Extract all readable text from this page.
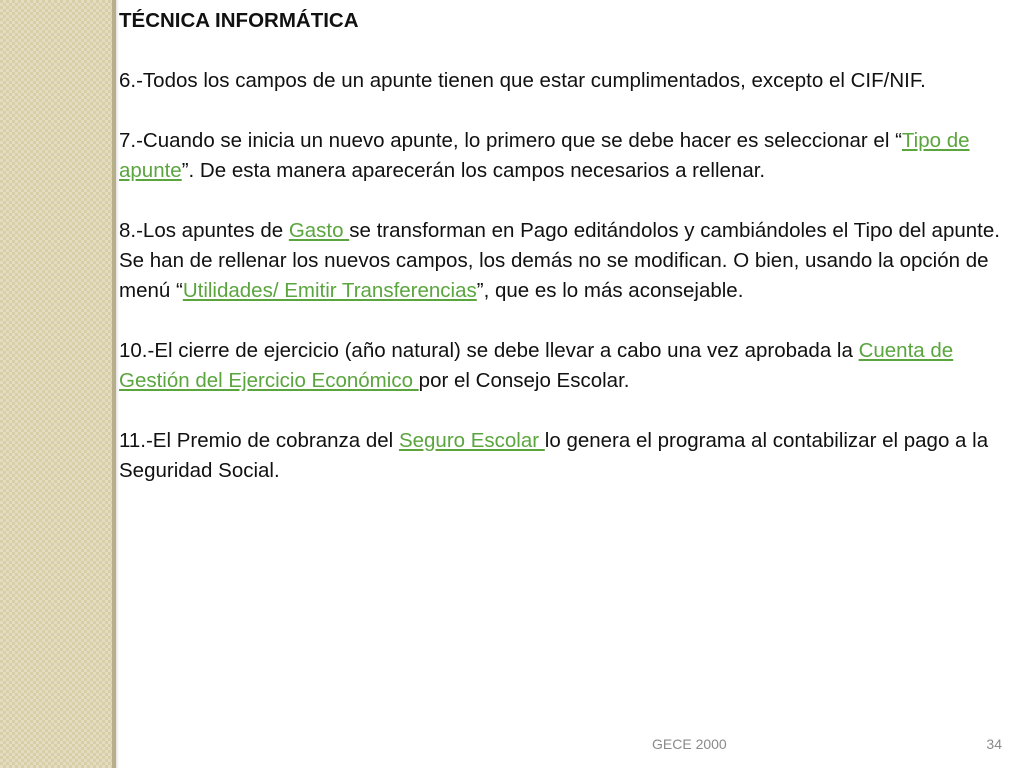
TÉCNICA INFORMÁTICA
6.-Todos los campos de un apunte tienen que estar cumplimentados, excepto el CIF/NIF.
7.-Cuando se inicia un nuevo apunte, lo primero que se debe hacer es seleccionar el “Tipo de apunte”. De esta manera aparecerán los campos necesarios a rellenar.
8.-Los apuntes de Gasto se transforman en Pago editándolos y cambiándoles el Tipo del apunte. Se han de rellenar los nuevos campos, los demás no se modifican. O bien, usando la opción de menú “Utilidades/ Emitir Transferencias”, que es lo más aconsejable.
10.-El cierre de ejercicio (año natural) se debe llevar a cabo una vez aprobada la Cuenta de Gestión del Ejercicio Económico por el Consejo Escolar.
11.-El Premio de cobranza del Seguro Escolar lo genera el programa al contabilizar el pago a la Seguridad Social.
GECE 2000	34
